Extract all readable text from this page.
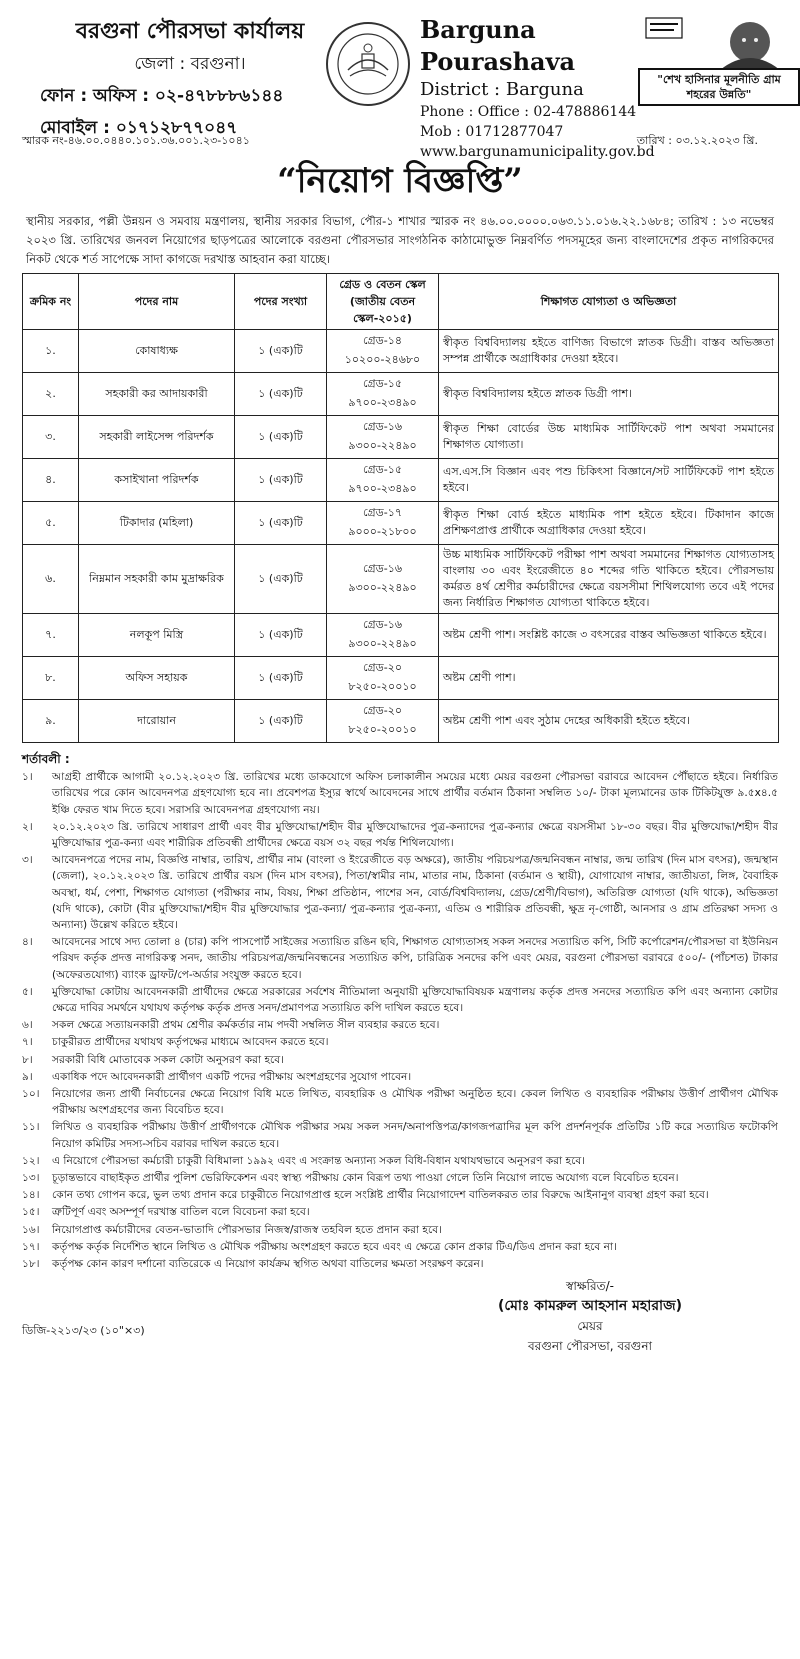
বরগুনা পৌরসভা কার্যালয়
জেলা : বরগুনা।
ফোন : অফিস : ০২-৪৭৮৮৮৬১৪৪
মোবাইল : ০১৭১২৮৭৭০৪৭
Barguna Pourashava
District : Barguna
Phone : Office : 02-478886144
Mob : 01712877047
www.bargunamunicipality.gov.bd
"শেখ হাসিনার মূলনীতি গ্রাম শহরের উন্নতি"
স্মারক নং-৪৬.০০.০৪৪০.১০১.৩৬.০০১.২৩-১০৪১	তারিখ : ০৩.১২.২০২৩ খ্রি.
“নিয়োগ বিজ্ঞপ্তি”
স্থানীয় সরকার, পল্লী উন্নয়ন ও সমবায় মন্ত্রণালয়, স্থানীয় সরকার বিভাগ, পৌর-১ শাখার স্মারক নং ৪৬.০০.০০০০.০৬৩.১১.০১৬.২২.১৬৮৪; তারিখ : ১৩ নভেম্বর ২০২৩ খ্রি. তারিখের জনবল নিয়োগের ছাড়পত্রের আলোকে বরগুনা পৌরসভার সাংগঠনিক কাঠামোভুক্ত নিম্নবর্ণিত পদসমূহের জন্য বাংলাদেশের প্রকৃত নাগরিকদের নিকট থেকে শর্ত সাপেক্ষে সাদা কাগজে দরখাস্ত আহবান করা যাচ্ছে।
ক্রমিক নং	পদের নাম	পদের সংখ্যা	গ্রেড ও বেতন স্কেল (জাতীয় বেতন স্কেল-২০১৫)	শিক্ষাগত যোগ্যতা ও অভিজ্ঞতা
১.	কোষাধ্যক্ষ	১ (এক)টি	গ্রেড-১৪
১০২০০-২৪৬৮০	স্বীকৃত বিশ্ববিদ্যালয় হইতে বাণিজ্য বিভাগে স্নাতক ডিগ্রী। বাস্তব অভিজ্ঞতা সম্পন্ন প্রার্থীকে অগ্রাধিকার দেওয়া হইবে।
২.	সহকারী কর আদায়কারী	১ (এক)টি	গ্রেড-১৫
৯৭০০-২৩৪৯০	স্বীকৃত বিশ্ববিদ্যালয় হইতে স্নাতক ডিগ্রী পাশ।
৩.	সহকারী লাইসেন্স পরিদর্শক	১ (এক)টি	গ্রেড-১৬
৯৩০০-২২৪৯০	স্বীকৃত শিক্ষা বোর্ডের উচ্চ মাধ্যমিক সার্টিফিকেট পাশ অথবা সমমানের শিক্ষাগত যোগ্যতা।
৪.	কসাইখানা পরিদর্শক	১ (এক)টি	গ্রেড-১৫
৯৭০০-২৩৪৯০	এস.এস.সি বিজ্ঞান এবং পশু চিকিৎসা বিজ্ঞানে/সট সার্টিফিকেট পাশ হইতে হইবে।
৫.	টিকাদার (মহিলা)	১ (এক)টি	গ্রেড-১৭
৯০০০-২১৮০০	স্বীকৃত শিক্ষা বোর্ড হইতে মাধ্যমিক পাশ হইতে হইবে। টিকাদান কাজে প্রশিক্ষণপ্রাপ্ত প্রার্থীকে অগ্রাধিকার দেওয়া হইবে।
৬.	নিম্নমান সহকারী কাম মুদ্রাক্ষরিক	১ (এক)টি	গ্রেড-১৬
৯৩০০-২২৪৯০	উচ্চ মাধ্যমিক সার্টিফিকেট পরীক্ষা পাশ অথবা সমমানের শিক্ষাগত যোগ্যতাসহ বাংলায় ৩০ এবং ইংরেজীতে ৪০ শব্দের গতি থাকিতে হইবে। পৌরসভায় কর্মরত ৪র্থ শ্রেণীর কর্মচারীদের ক্ষেত্রে বয়সসীমা শিথিলযোগ্য তবে এই পদের জন্য নির্ধারিত শিক্ষাগত যোগ্যতা থাকিতে হইবে।
৭.	নলকূপ মিস্ত্রি	১ (এক)টি	গ্রেড-১৬
৯৩০০-২২৪৯০	অষ্টম শ্রেণী পাশ। সংশ্লিষ্ট কাজে ৩ বৎসরের বাস্তব অভিজ্ঞতা থাকিতে হইবে।
৮.	অফিস সহায়ক	১ (এক)টি	গ্রেড-২০
৮২৫০-২০০১০	অষ্টম শ্রেণী পাশ।
৯.	দারোয়ান	১ (এক)টি	গ্রেড-২০
৮২৫০-২০০১০	অষ্টম শ্রেণী পাশ এবং সুঠাম দেহের অধিকারী হইতে হইবে।
শর্তাবলী :
১।	আগ্রহী প্রার্থীকে আগামী ২০.১২.২০২৩ খ্রি. তারিখের মধ্যে ডাকযোগে অফিস চলাকালীন সময়ের মধ্যে মেয়র বরগুনা পৌরসভা বরাবরে আবেদন পৌঁছাতে হইবে। নির্ধারিত তারিখের পরে কোন আবেদনপত্র গ্রহণযোগ্য হবে না। প্রবেশপত্র ইস্যুর স্বার্থে আবেদনের সাথে প্রার্থীর বর্তমান ঠিকানা সম্বলিত ১০/- টাকা মূল্যমানের ডাক টিকিটযুক্ত ৯.৫x৪.৫ ইঞ্চি ফেরত খাম দিতে হবে। সরাসরি আবেদনপত্র গ্রহণযোগ্য নয়।
২।	২০.১২.২০২৩ খ্রি. তারিখে সাধারণ প্রার্থী এবং বীর মুক্তিযোদ্ধা/শহীদ বীর মুক্তিযোদ্ধাদের পুত্র-কন্যাদের পুত্র-কন্যার ক্ষেত্রে বয়সসীমা ১৮-৩০ বছর। বীর মুক্তিযোদ্ধা/শহীদ বীর মুক্তিযোদ্ধার পুত্র-কন্যা এবং শারীরিক প্রতিবন্ধী প্রার্থীদের ক্ষেত্রে বয়স ৩২ বছর পর্যন্ত শিথিলযোগ্য।
৩।	আবেদনপত্রে পদের নাম, বিজ্ঞপ্তি নাম্বার, তারিখ, প্রার্থীর নাম (বাংলা ও ইংরেজীতে বড় অক্ষরে), জাতীয় পরিচয়পত্র/জন্মনিবন্ধন নাম্বার, জন্ম তারিখ (দিন মাস বৎসর), জন্মস্থান (জেলা), ২০.১২.২০২৩ খ্রি. তারিখে প্রার্থীর বয়স (দিন মাস বৎসর), পিতা/স্বামীর নাম, মাতার নাম, ঠিকানা (বর্তমান ও স্থায়ী), যোগাযোগ নাম্বার, জাতীয়তা, লিঙ্গ, বৈবাহিক অবস্থা, ধর্ম, পেশা, শিক্ষাগত যোগ্যতা (পরীক্ষার নাম, বিষয়, শিক্ষা প্রতিষ্ঠান, পাশের সন, বোর্ড/বিশ্ববিদ্যালয়, গ্রেড/শ্রেণী/বিভাগ), অতিরিক্ত যোগ্যতা (যদি থাকে), অভিজ্ঞতা (যদি থাকে), কোটা (বীর মুক্তিযোদ্ধা/শহীদ বীর মুক্তিযোদ্ধার পুত্র-কন্যা/ পুত্র-কন্যার পুত্র-কন্যা, এতিম ও শারীরিক প্রতিবন্ধী, ক্ষুদ্র নৃ-গোষ্ঠী, আনসার ও গ্রাম প্রতিরক্ষা সদস্য ও অন্যান্য) উল্লেখ করিতে হইবে।
৪।	আবেদনের সাথে সদ্য তোলা ৪ (চার) কপি পাসপোর্ট সাইজের সত্যায়িত রঙিন ছবি, শিক্ষাগত যোগ্যতাসহ সকল সনদের সত্যায়িত কপি, সিটি কর্পোরেশন/পৌরসভা বা ইউনিয়ন পরিষদ কর্তৃক প্রদত্ত নাগরিকত্ব সনদ, জাতীয় পরিচয়পত্র/জন্মনিবন্ধনের সত্যায়িত কপি, চারিত্রিক সনদের কপি এবং মেয়র, বরগুনা পৌরসভা বরাবরে ৫০০/- (পাঁচশত) টাকার (অফেরতযোগ্য) ব্যাংক ড্রাফট/পে-অর্ডার সংযুক্ত করতে হবে।
৫।	মুক্তিযোদ্ধা কোটায় আবেদনকারী প্রার্থীদের ক্ষেত্রে সরকারের সর্বশেষ নীতিমালা অনুযায়ী মুক্তিযোদ্ধাবিষয়ক মন্ত্রণালয় কর্তৃক প্রদত্ত সনদের সত্যায়িত কপি এবং অন্যান্য কোটার ক্ষেত্রে দাবির সমর্থনে যথাযথ কর্তৃপক্ষ কর্তৃক প্রদত্ত সনদ/প্রমাণপত্র সত্যায়িত কপি দাখিল করতে হবে।
৬।	সকল ক্ষেত্রে সত্যায়নকারী প্রথম শ্রেণীর কর্মকর্তার নাম পদবী সম্বলিত সীল ব্যবহার করতে হবে।
৭।	চাকুরীরত প্রার্থীদের যথাযথ কর্তৃপক্ষের মাধ্যমে আবেদন করতে হবে।
৮।	সরকারী বিধি মোতাবেক সকল কোটা অনুসরণ করা হবে।
৯।	একাধিক পদে আবেদনকারী প্রার্থীগণ একটি পদের পরীক্ষায় অংশগ্রহণের সুযোগ পাবেন।
১০।	নিয়োগের জন্য প্রার্থী নির্বাচনের ক্ষেত্রে নিয়োগ বিধি মতে লিখিত, ব্যবহারিক ও মৌখিক পরীক্ষা অনুষ্ঠিত হবে। কেবল লিখিত ও ব্যবহারিক পরীক্ষায় উত্তীর্ণ প্রার্থীগণ মৌখিক পরীক্ষায় অংশগ্রহণের জন্য বিবেচিত হবে।
১১।	লিখিত ও ব্যবহারিক পরীক্ষায় উত্তীর্ণ প্রার্থীগণকে মৌখিক পরীক্ষার সময় সকল সনদ/অনাপত্তিপত্র/কাগজপত্রাদির মূল কপি প্রদর্শনপূর্বক প্রতিটির ১টি করে সত্যায়িত ফটোকপি নিয়োগ কমিটির সদস্য-সচিব বরাবর দাখিল করতে হবে।
১২।	এ নিয়োগে পৌরসভা কর্মচারী চাকুরী বিধিমালা ১৯৯২ এবং এ সংক্রান্ত অন্যান্য সকল বিধি-বিধান যথাযথভাবে অনুসরণ করা হবে।
১৩।	চূড়ান্তভাবে বাছাইকৃত প্রার্থীর পুলিশ ভেরিফিকেশন এবং স্বাস্থ্য পরীক্ষায় কোন বিরূপ তথ্য পাওয়া গেলে তিনি নিয়োগ লাভে অযোগ্য বলে বিবেচিত হবেন।
১৪।	কোন তথ্য গোপন করে, ভুল তথ্য প্রদান করে চাকুরীতে নিয়োগপ্রাপ্ত হলে সংশ্লিষ্ট প্রার্থীর নিয়োগাদেশ বাতিলকরত তার বিরুদ্ধে আইনানুগ ব্যবস্থা গ্রহণ করা হবে।
১৫।	ত্রুটিপূর্ণ এবং অসম্পূর্ণ দরখাস্ত বাতিল বলে বিবেচনা করা হবে।
১৬।	নিয়োগপ্রাপ্ত কর্মচারীদের বেতন-ভাতাদি পৌরসভার নিজস্ব/রাজস্ব তহবিল হতে প্রদান করা হবে।
১৭।	কর্তৃপক্ষ কর্তৃক নির্দেশিত স্থানে লিখিত ও মৌখিক পরীক্ষায় অংশগ্রহণ করতে হবে এবং এ ক্ষেত্রে কোন প্রকার টিএ/ডিএ প্রদান করা হবে না।
১৮।	কর্তৃপক্ষ কোন কারণ দর্শানো ব্যতিরেকে এ নিয়োগ কার্যক্রম স্থগিত অথবা বাতিলের ক্ষমতা সংরক্ষণ করেন।
স্বাক্ষরিত/-
(মোঃ কামরুল আহসান মহারাজ)
মেয়র
বরগুনা পৌরসভা, বরগুনা
ডিজি-২২১৩/২৩ (১০"×৩)
